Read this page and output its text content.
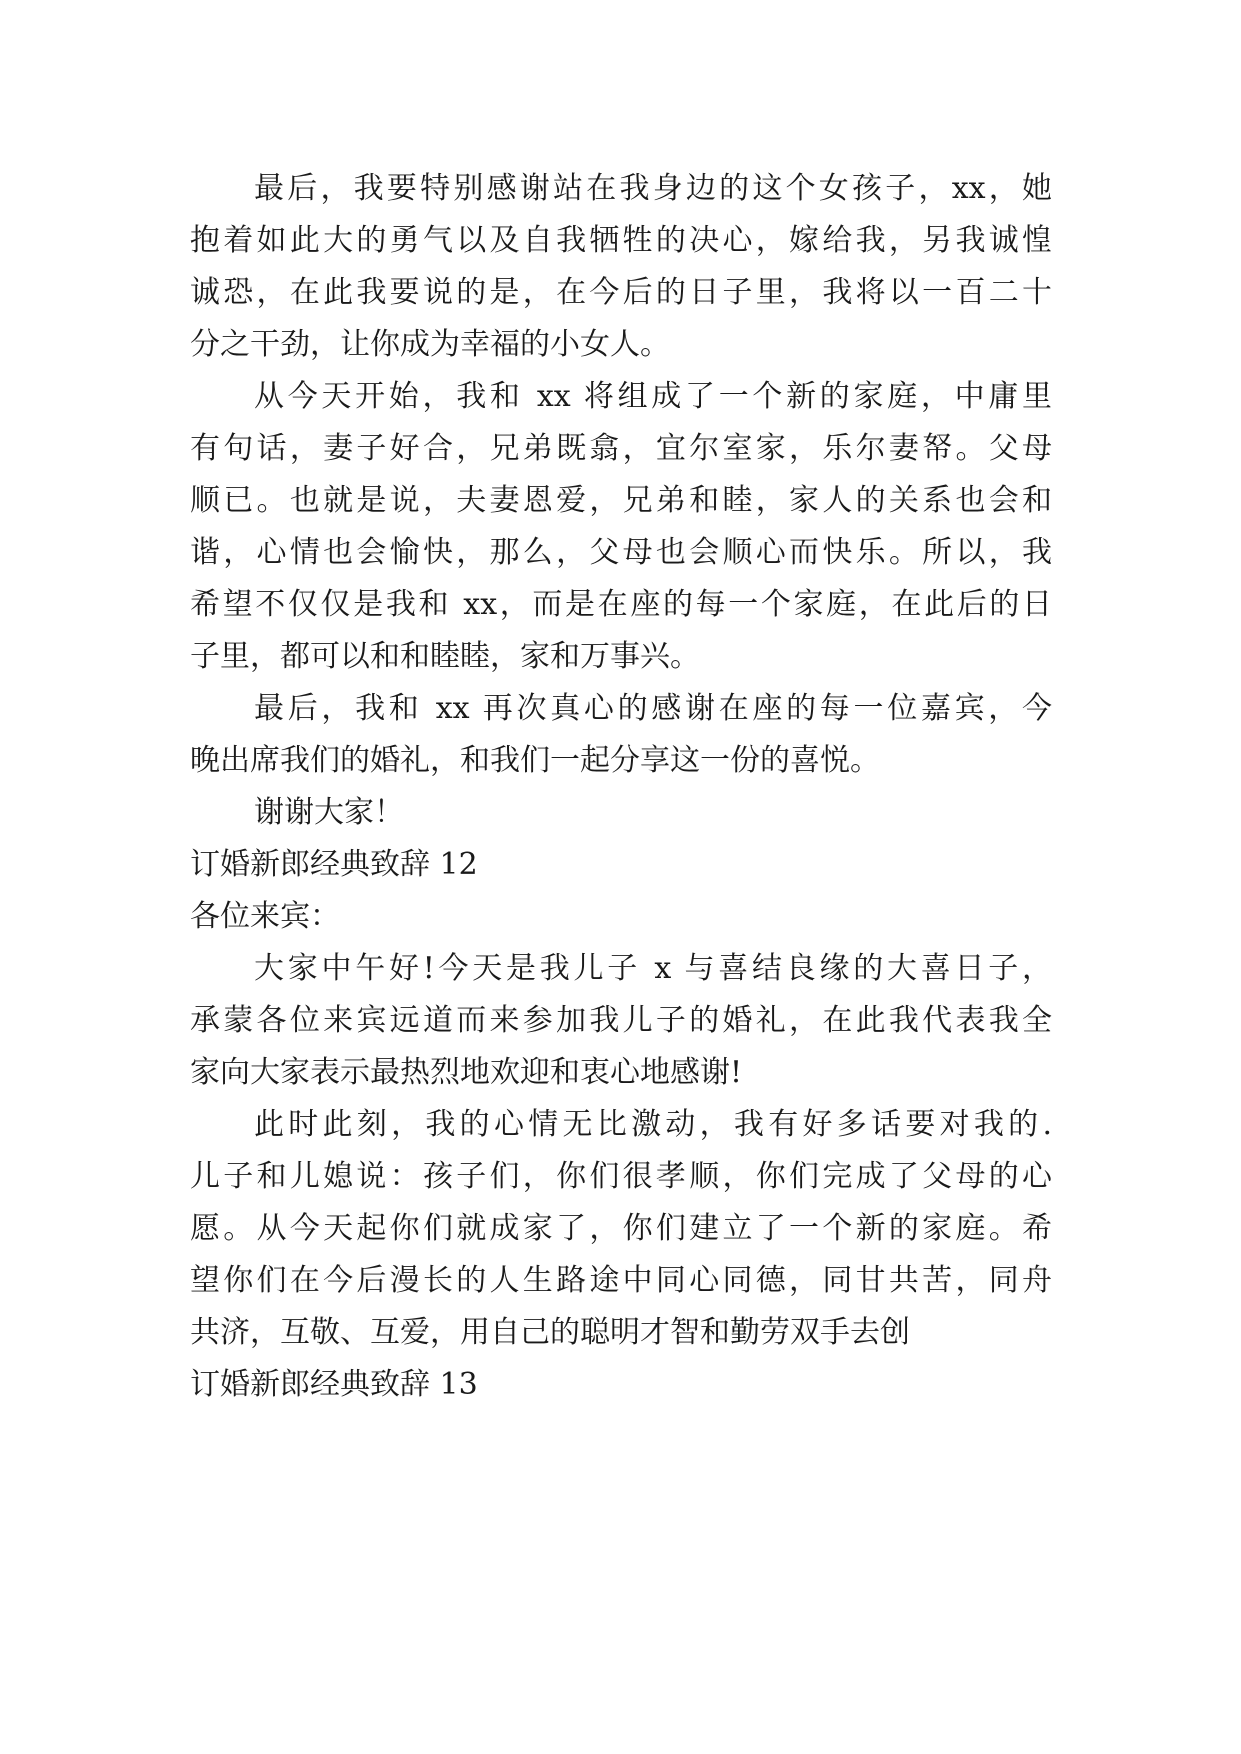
最后，我要特别感谢站在我身边的这个女孩子，xx，她
抱着如此大的勇气以及自我牺牲的决心，嫁给我，另我诚惶
诚恐，在此我要说的是，在今后的日子里，我将以一百二十
分之干劲，让你成为幸福的小女人。
从今天开始，我和 xx 将组成了一个新的家庭，中庸里
有句话，妻子好合，兄弟既翕，宜尔室家，乐尔妻帑。父母
顺已。也就是说，夫妻恩爱，兄弟和睦，家人的关系也会和
谐，心情也会愉快，那么，父母也会顺心而快乐。所以，我
希望不仅仅是我和 xx，而是在座的每一个家庭，在此后的日
子里，都可以和和睦睦，家和万事兴。
最后，我和 xx 再次真心的感谢在座的每一位嘉宾，今
晚出席我们的婚礼，和我们一起分享这一份的喜悦。
谢谢大家！
订婚新郎经典致辞 12
各位来宾：
大家中午好!今天是我儿子 x 与喜结良缘的大喜日子，
承蒙各位来宾远道而来参加我儿子的婚礼，在此我代表我全
家向大家表示最热烈地欢迎和衷心地感谢!
此时此刻，我的心情无比激动，我有好多话要对我的.
儿子和儿媳说：孩子们，你们很孝顺，你们完成了父母的心
愿。从今天起你们就成家了，你们建立了一个新的家庭。希
望你们在今后漫长的人生路途中同心同德，同甘共苦，同舟
共济，互敬、互爱，用自己的聪明才智和勤劳双手去创
订婚新郎经典致辞 13
